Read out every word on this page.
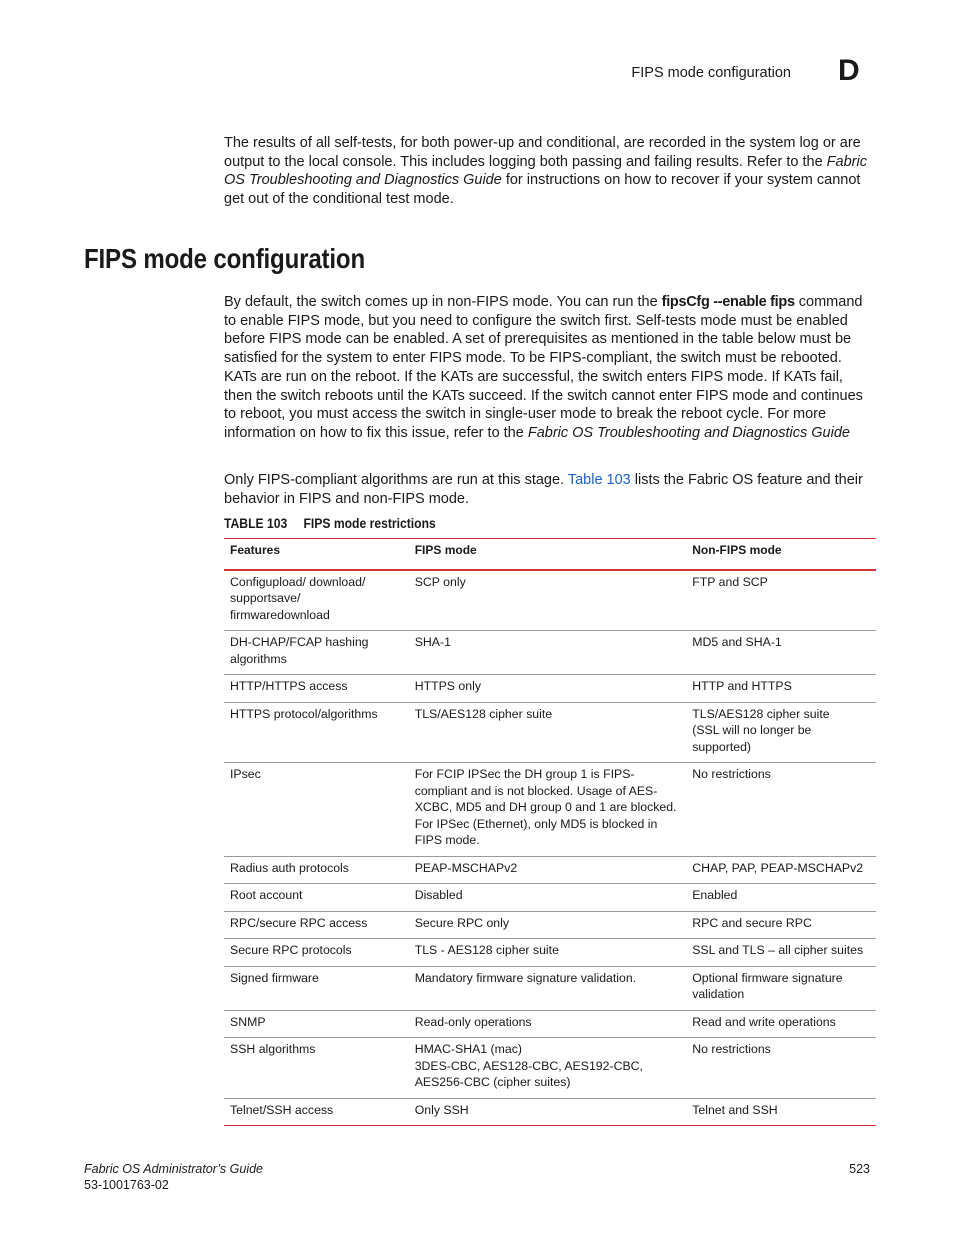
FIPS mode configuration D

The results of all self-tests, for both power-up and conditional, are recorded in the system log or are output to the local console. This includes logging both passing and failing results. Refer to the Fabric OS Troubleshooting and Diagnostics Guide for instructions on how to recover if your system cannot get out of the conditional test mode.

FIPS mode configuration

By default, the switch comes up in non-FIPS mode. You can run the fipsCfg --enable fips command to enable FIPS mode, but you need to configure the switch first. Self-tests mode must be enabled before FIPS mode can be enabled. A set of prerequisites as mentioned in the table below must be satisfied for the system to enter FIPS mode. To be FIPS-compliant, the switch must be rebooted. KATs are run on the reboot. If the KATs are successful, the switch enters FIPS mode. If KATs fail, then the switch reboots until the KATs succeed. If the switch cannot enter FIPS mode and continues to reboot, you must access the switch in single-user mode to break the reboot cycle. For more information on how to fix this issue, refer to the Fabric OS Troubleshooting and Diagnostics Guide

Only FIPS-compliant algorithms are run at this stage. Table 103 lists the Fabric OS feature and their behavior in FIPS and non-FIPS mode.

TABLE 103 FIPS mode restrictions
Features	FIPS mode	Non-FIPS mode

Configupload/ download/
supportsave/
firmwaredownload	SCP only	FTP and SCP

DH-CHAP/FCAP hashing algorithms	SHA-1	MD5 and SHA-1

HTTP/HTTPS access	HTTPS only	HTTP and HTTPS

HTTPS protocol/algorithms	TLS/AES128 cipher suite	TLS/AES128 cipher suite
(SSL will no longer be supported)

IPsec	For FCIP IPSec the DH group 1 is FIPS-compliant and is not blocked. Usage of AES-XCBC, MD5 and DH group 0 and 1 are blocked.
For IPSec (Ethernet), only MD5 is blocked in FIPS mode.	No restrictions

Radius auth protocols	PEAP-MSCHAPv2	CHAP, PAP, PEAP-MSCHAPv2

Root account	Disabled	Enabled

RPC/secure RPC access	Secure RPC only	RPC and secure RPC

Secure RPC protocols	TLS - AES128 cipher suite	SSL and TLS – all cipher suites

Signed firmware	Mandatory firmware signature validation.	Optional firmware signature validation

SNMP	Read-only operations	Read and write operations

SSH algorithms	HMAC-SHA1 (mac)
3DES-CBC, AES128-CBC, AES192-CBC, AES256-CBC (cipher suites)	No restrictions

Telnet/SSH access	Only SSH	Telnet and SSH
Fabric OS Administrator’s Guide
53-1001763-02
523
